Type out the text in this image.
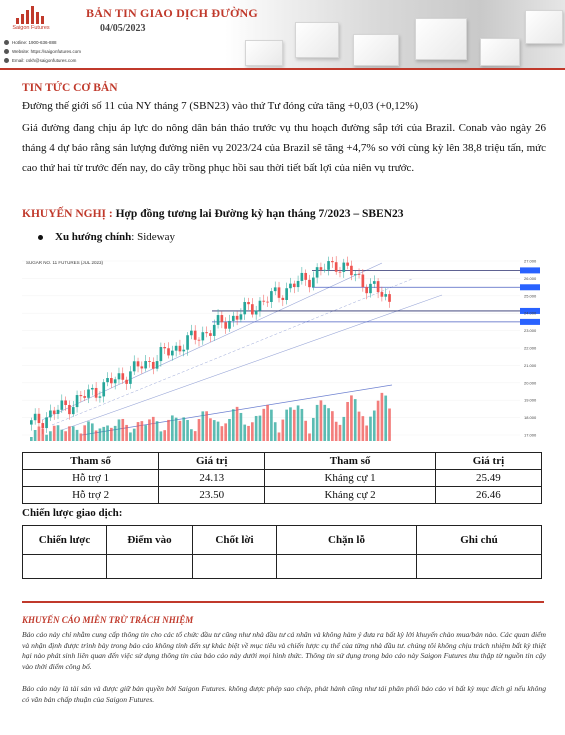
Saigon Futures
BẢN TIN GIAO DỊCH ĐƯỜNG
04/05/2023
Hotline: 1900-636-888
Website: https://saigonfutures.com
Email: cskh@saigonfutures.com
TIN TỨC CƠ BẢN
Đường thế giới số 11 của NY tháng 7 (SBN23) vào thứ Tư đóng cửa tăng +0,03 (+0,12%)
Giá đường đang chịu áp lực do nông dân bán tháo trước vụ thu hoạch đường sắp tới của Brazil. Conab vào ngày 26 tháng 4 dự báo rằng sản lượng đường niên vụ 2023/24 của Brazil sẽ tăng +4,7% so với cùng kỳ lên 38,8 triệu tấn, mức cao thứ hai từ trước đến nay, do cây trồng phục hồi sau thời tiết bất lợi của niên vụ trước.
KHUYẾN NGHỊ : Hợp đồng tương lai Đường kỳ hạn tháng 7/2023 – SBEN23
Xu hướng chính: Sideway
SUGAR NO. 11 FUTURES (JUL 2023)	27.000
26.000
25.000
24.000
23.000
22.000
21.000
20.000
19.000
18.000
17.000
Tham số	Giá trị	Tham số	Giá trị
Hỗ trợ 1	24.13	Kháng cự 1	25.49
Hỗ trợ 2	23.50	Kháng cự 2	26.46
Chiến lược giao dịch:
Chiến lược	Điểm vào	Chốt lời	Chặn lỗ	Ghi chú

KHUYẾN CÁO MIỄN TRỪ TRÁCH NHIỆM
Báo cáo này chỉ nhằm cung cấp thông tin cho các tổ chức đầu tư cũng như nhà đầu tư cá nhân và không hàm ý đưa ra bất kỳ lời khuyến chào mua/bán nào. Các quan điểm và nhận định được trình bày trong báo cáo không tính đến sự khác biệt về mục tiêu và chiến lược cụ thể của từng nhà đầu tư. chúng tôi không chịu trách nhiệm bất kỳ thiệt hại nào phát sinh liên quan đến việc sử dụng thông tin của báo cáo này dưới mọi hình thức. Thông tin sử dụng trong báo cáo này Saigon Futures thu thập từ nguồn tin cậy vào thời điểm công bố.
Báo cáo này là tài sản và được giữ bản quyền bởi Saigon Futures. không được phép sao chép, phát hành cũng như tái phân phối báo cáo vì bất kỳ mục đích gì nếu không có văn bản chấp thuận của Saigon Futures.
